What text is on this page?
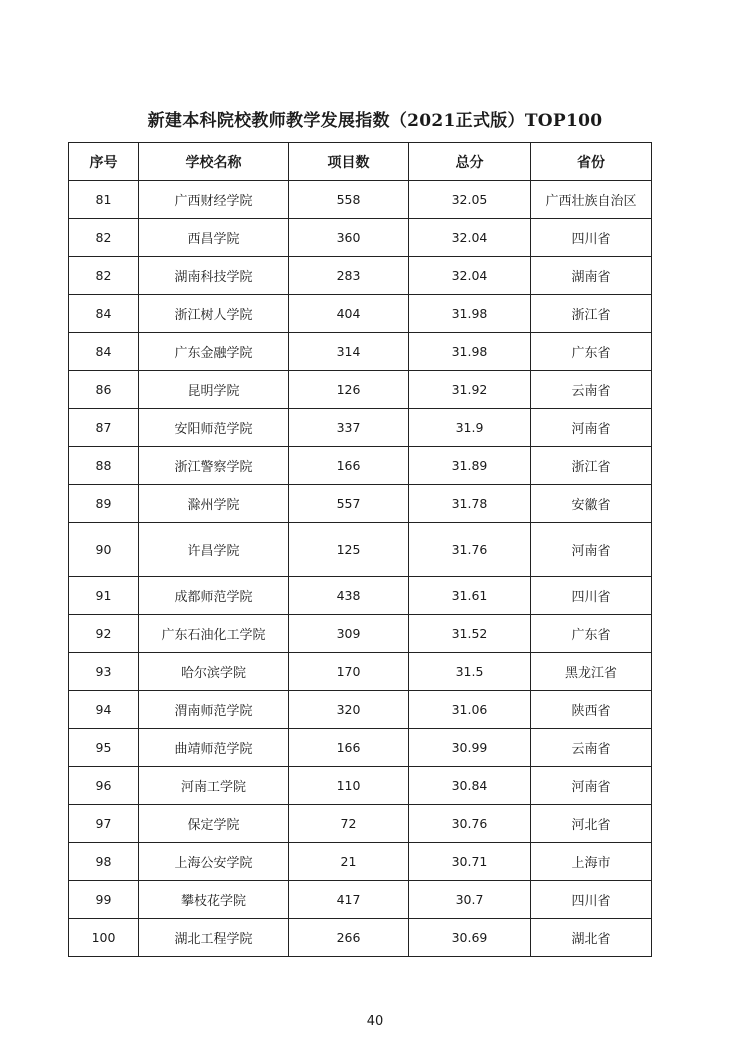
新建本科院校教师教学发展指数（2021正式版）TOP100
序号	学校名称	项目数	总分	省份
81	广西财经学院	558	32.05	广西壮族自治区
82	西昌学院	360	32.04	四川省
82	湖南科技学院	283	32.04	湖南省
84	浙江树人学院	404	31.98	浙江省
84	广东金融学院	314	31.98	广东省
86	昆明学院	126	31.92	云南省
87	安阳师范学院	337	31.9	河南省
88	浙江警察学院	166	31.89	浙江省
89	滁州学院	557	31.78	安徽省
90	许昌学院	125	31.76	河南省
91	成都师范学院	438	31.61	四川省
92	广东石油化工学院	309	31.52	广东省
93	哈尔滨学院	170	31.5	黑龙江省
94	渭南师范学院	320	31.06	陕西省
95	曲靖师范学院	166	30.99	云南省
96	河南工学院	110	30.84	河南省
97	保定学院	72	30.76	河北省
98	上海公安学院	21	30.71	上海市
99	攀枝花学院	417	30.7	四川省
100	湖北工程学院	266	30.69	湖北省
40
